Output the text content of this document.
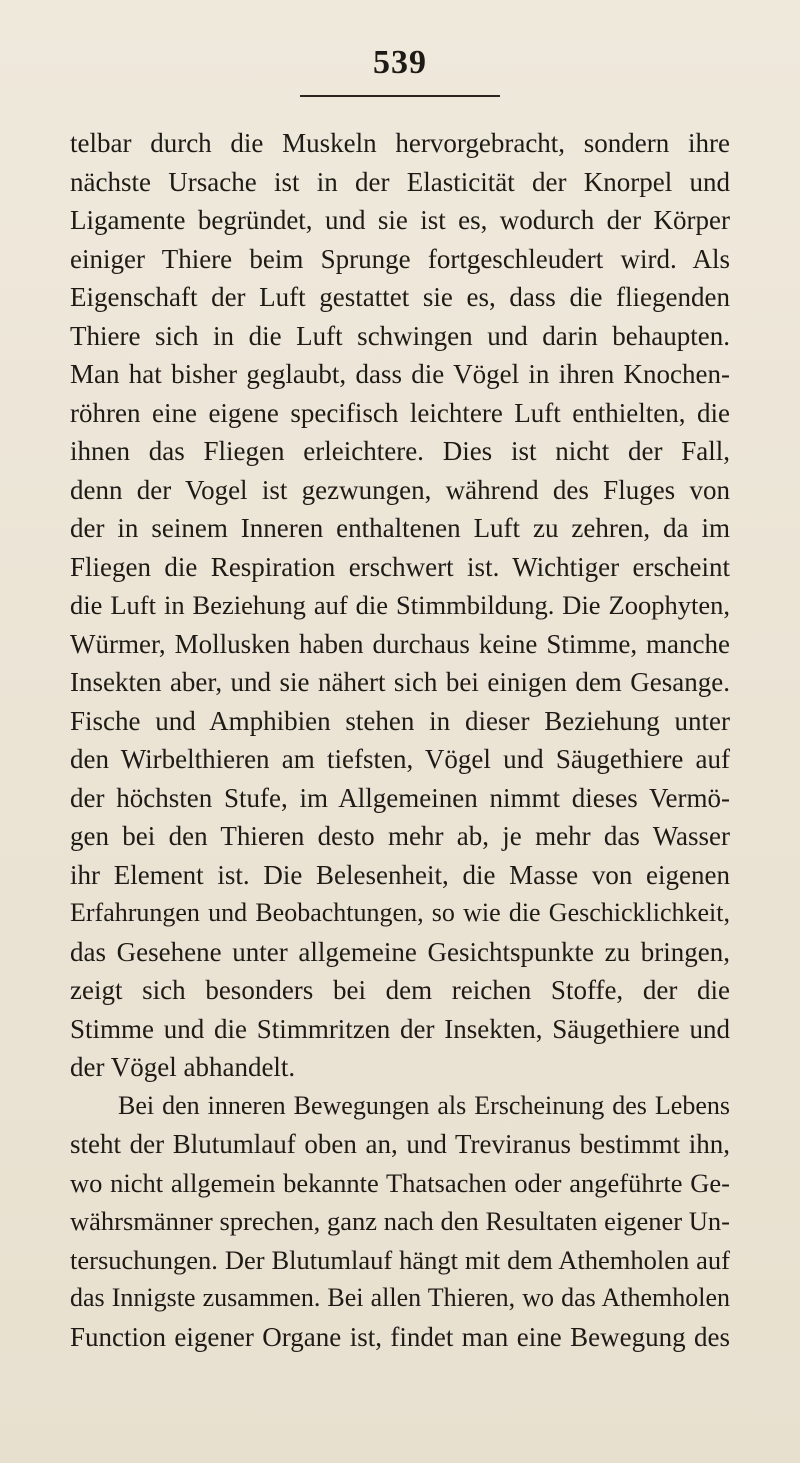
539
telbar durch die Muskeln hervorgebracht, sondern ihre
nächste Ursache ist in der Elasticität der Knorpel und
Ligamente begründet, und sie ist es, wodurch der Körper
einiger Thiere beim Sprunge fortgeschleudert wird. Als
Eigenschaft der Luft gestattet sie es, dass die fliegenden
Thiere sich in die Luft schwingen und darin behaupten.
Man hat bisher geglaubt, dass die Vögel in ihren Knochen-
röhren eine eigene specifisch leichtere Luft enthielten, die
ihnen das Fliegen erleichtere. Dies ist nicht der Fall,
denn der Vogel ist gezwungen, während des Fluges von
der in seinem Inneren enthaltenen Luft zu zehren, da im
Fliegen die Respiration erschwert ist. Wichtiger erscheint
die Luft in Beziehung auf die Stimmbildung. Die Zoophyten,
Würmer, Mollusken haben durchaus keine Stimme, manche
Insekten aber, und sie nähert sich bei einigen dem Gesange.
Fische und Amphibien stehen in dieser Beziehung unter
den Wirbelthieren am tiefsten, Vögel und Säugethiere auf
der höchsten Stufe, im Allgemeinen nimmt dieses Vermö-
gen bei den Thieren desto mehr ab, je mehr das Wasser
ihr Element ist. Die Belesenheit, die Masse von eigenen
Erfahrungen und Beobachtungen, so wie die Geschicklichkeit,
das Gesehene unter allgemeine Gesichtspunkte zu bringen,
zeigt sich besonders bei dem reichen Stoffe, der die
Stimme und die Stimmritzen der Insekten, Säugethiere und
der Vögel abhandelt.
Bei den inneren Bewegungen als Erscheinung des Lebens
steht der Blutumlauf oben an, und Treviranus bestimmt ihn,
wo nicht allgemein bekannte Thatsachen oder angeführte Ge-
währsmänner sprechen, ganz nach den Resultaten eigener Un-
tersuchungen. Der Blutumlauf hängt mit dem Athemholen auf
das Innigste zusammen. Bei allen Thieren, wo das Athemholen
Function eigener Organe ist, findet man eine Bewegung des
